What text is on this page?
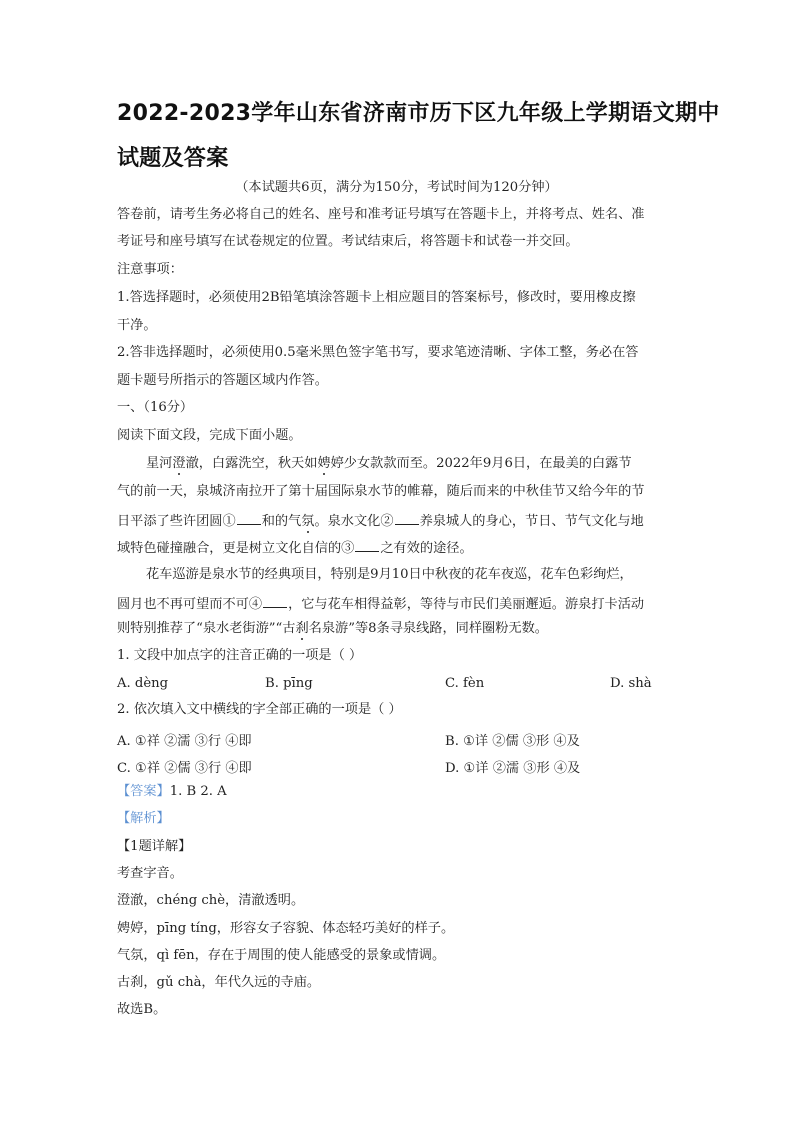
2022-2023学年山东省济南市历下区九年级上学期语文期中
试题及答案
（本试题共6页，满分为150分，考试时间为120分钟）
答卷前，请考生务必将自己的姓名、座号和准考证号填写在答题卡上，并将考点、姓名、准
考证号和座号填写在试卷规定的位置。考试结束后，将答题卡和试卷一并交回。
注意事项：
1.答选择题时，必须使用2B铅笔填涂答题卡上相应题目的答案标号，修改时，要用橡皮擦
干净。
2.答非选择题时，必须使用0.5毫米黑色签字笔书写，要求笔迹清晰、字体工整，务必在答
题卡题号所指示的答题区域内作答。
一、（16分）
阅读下面文段，完成下面小题。
星河澄澈，白露洗空，秋天如娉婷少女款款而至。2022年9月6日，在最美的白露节
气的前一天，泉城济南拉开了第十届国际泉水节的帷幕，随后而来的中秋佳节又给今年的节
日平添了些许团圆① 和的气氛。泉水文化② 养泉城人的身心，节日、节气文化与地
域特色碰撞融合，更是树立文化自信的③ 之有效的途径。
花车巡游是泉水节的经典项目，特别是9月10日中秋夜的花车夜巡，花车色彩绚烂，
圆月也不再可望而不可④ ，它与花车相得益彰，等待与市民们美丽邂逅。游泉打卡活动
则特别推荐了“泉水老街游”“古刹名泉游”等8条寻泉线路，同样圈粉无数。
1. 文段中加点字的注音正确的一项是（ ）
A. dèng	B. pīng	C. fèn	D. shà
2. 依次填入文中横线的字全部正确的一项是（ ）
A. ①祥 ②濡 ③行 ④即	B. ①详 ②儒 ③形 ④及
C. ①祥 ②儒 ③行 ④即	D. ①详 ②濡 ③形 ④及
【答案】1. B 2. A
【解析】
【1题详解】
考查字音。
澄澈，chéng chè，清澈透明。
娉婷，pīng tíng，形容女子容貌、体态轻巧美好的样子。
气氛，qì fēn，存在于周围的使人能感受的景象或情调。
古刹，gǔ chà，年代久远的寺庙。
故选B。
